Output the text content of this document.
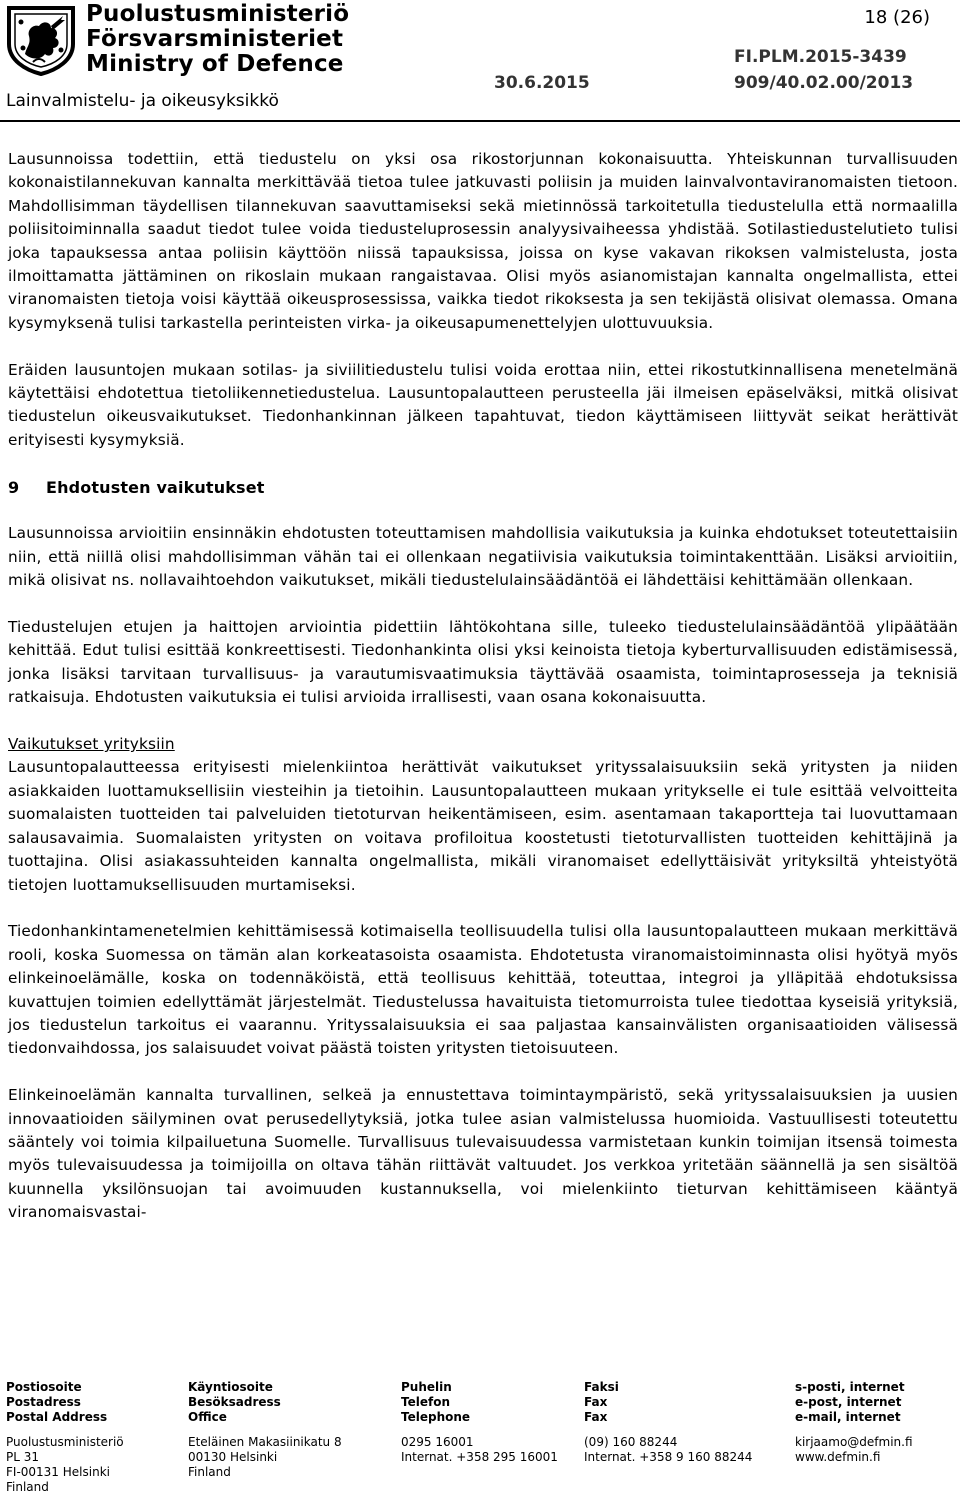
Puolustusministeriö
Försvarsministeriet
Ministry of Defence
Lainvalmistelu- ja oikeusyksikkö
18 (26)
FI.PLM.2015-3439
30.6.2015	909/40.02.00/2013

Lausunnoissa todettiin, että tiedustelu on yksi osa rikostorjunnan kokonaisuutta. Yhteiskunnan turvallisuuden kokonaistilannekuvan kannalta merkittävää tietoa tulee jatkuvasti poliisin ja muiden lainvalvontaviranomaisten tietoon. Mahdollisimman täydellisen tilannekuvan saavuttamiseksi sekä mietinnössä tarkoitetulla tiedustelulla että normaalilla poliisitoiminnalla saadut tiedot tulee voida tiedusteluprosessin analyysivaiheessa yhdistää. Sotilastiedustelutieto tulisi joka tapauksessa antaa poliisin käyttöön niissä tapauksissa, joissa on kyse vakavan rikoksen valmistelusta, josta ilmoittamatta jättäminen on rikoslain mukaan rangaistavaa. Olisi myös asianomistajan kannalta ongelmallista, ettei viranomaisten tietoja voisi käyttää oikeusprosessissa, vaikka tiedot rikoksesta ja sen tekijästä olisivat olemassa. Omana kysymyksenä tulisi tarkastella perinteisten virka- ja oikeusapumenettelyjen ulottuvuuksia.

Eräiden lausuntojen mukaan sotilas- ja siviilitiedustelu tulisi voida erottaa niin, ettei rikostutkinnallisena menetelmänä käytettäisi ehdotettua tietoliikennetiedustelua. Lausuntopalautteen perusteella jäi ilmeisen epäselväksi, mitkä olisivat tiedustelun oikeusvaikutukset. Tiedonhankinnan jälkeen tapahtuvat, tiedon käyttämiseen liittyvät seikat herättivät erityisesti kysymyksiä.

9 Ehdotusten vaikutukset

Lausunnoissa arvioitiin ensinnäkin ehdotusten toteuttamisen mahdollisia vaikutuksia ja kuinka ehdotukset toteutettaisiin niin, että niillä olisi mahdollisimman vähän tai ei ollenkaan negatiivisia vaikutuksia toimintakenttään. Lisäksi arvioitiin, mikä olisivat ns. nollavaihtoehdon vaikutukset, mikäli tiedustelulainsäädäntöä ei lähdettäisi kehittämään ollenkaan.

Tiedustelujen etujen ja haittojen arviointia pidettiin lähtökohtana sille, tuleeko tiedustelulainsäädäntöä ylipäätään kehittää. Edut tulisi esittää konkreettisesti. Tiedonhankinta olisi yksi keinoista tietoja kyberturvallisuuden edistämisessä, jonka lisäksi tarvitaan turvallisuus- ja varautumisvaatimuksia täyttävää osaamista, toimintaprosesseja ja teknisiä ratkaisuja. Ehdotusten vaikutuksia ei tulisi arvioida irrallisesti, vaan osana kokonaisuutta.

Vaikutukset yrityksiin

Lausuntopalautteessa erityisesti mielenkiintoa herättivät vaikutukset yrityssalaisuuksiin sekä yritysten ja niiden asiakkaiden luottamuksellisiin viesteihin ja tietoihin. Lausuntopalautteen mukaan yritykselle ei tule esittää velvoitteita suomalaisten tuotteiden tai palveluiden tietoturvan heikentämiseen, esim. asentamaan takaportteja tai luovuttamaan salausavaimia. Suomalaisten yritysten on voitava profiloitua koostetusti tietoturvallisten tuotteiden kehittäjinä ja tuottajina. Olisi asiakassuhteiden kannalta ongelmallista, mikäli viranomaiset edellyttäisivät yrityksiltä yhteistyötä tietojen luottamuksellisuuden murtamiseksi.

Tiedonhankintamenetelmien kehittämisessä kotimaisella teollisuudella tulisi olla lausuntopalautteen mukaan merkittävä rooli, koska Suomessa on tämän alan korkeatasoista osaamista. Ehdotetusta viranomaistoiminnasta olisi hyötyä myös elinkeinoelämälle, koska on todennäköistä, että teollisuus kehittää, toteuttaa, integroi ja ylläpitää ehdotuksissa kuvattujen toimien edellyttämät järjestelmät. Tiedustelussa havaituista tietomurroista tulee tiedottaa kyseisiä yrityksiä, jos tiedustelun tarkoitus ei vaarannu. Yrityssalaisuuksia ei saa paljastaa kansainvälisten organisaatioiden välisessä tiedonvaihdossa, jos salaisuudet voivat päästä toisten yritysten tietoisuuteen.

Elinkeinoelämän kannalta turvallinen, selkeä ja ennustettava toimintaympäristö, sekä yrityssalaisuuksien ja uusien innovaatioiden säilyminen ovat perusedellytyksiä, jotka tulee asian valmistelussa huomioida. Vastuullisesti toteutettu sääntely voi toimia kilpailuetuna Suomelle. Turvallisuus tulevaisuudessa varmistetaan kunkin toimijan itsensä toimesta myös tulevaisuudessa ja toimijoilla on oltava tähän riittävät valtuudet. Jos verkkoa yritetään säännellä ja sen sisältöä kuunnella yksilönsuojan tai avoimuuden kustannuksella, voi mielenkiinto tieturvan kehittämiseen kääntyä viranomaisvastai-

Postiosoite
Postadress
Postal Address
Puolustusministeriö
PL 31
FI-00131 Helsinki
Finland
Käyntiosoite
Besöksadress
Office
Eteläinen Makasiinikatu 8
00130 Helsinki
Finland
Puhelin
Telefon
Telephone
0295 16001
Internat. +358 295 16001
Faksi
Fax
Fax
(09) 160 88244
Internat. +358 9 160 88244
s-posti, internet
e-post, internet
e-mail, internet
kirjaamo@defmin.fi
www.defmin.fi
